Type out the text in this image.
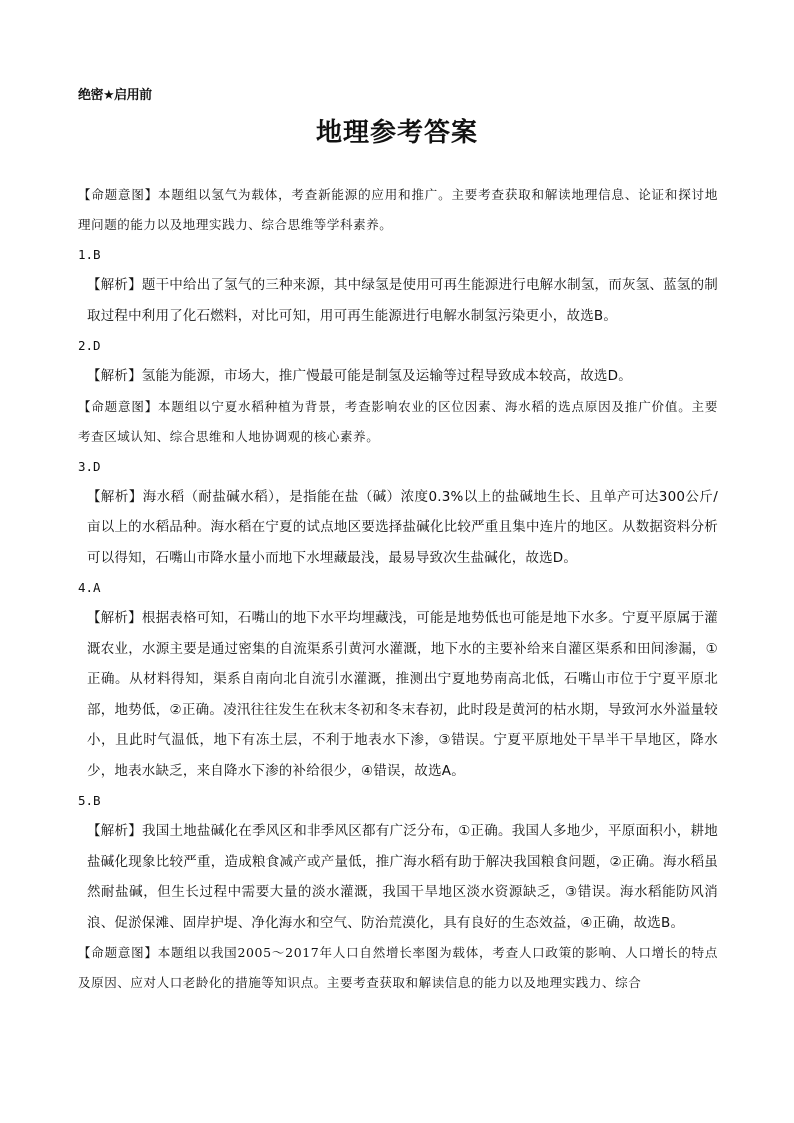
绝密★启用前
地理参考答案

【命题意图】本题组以氢气为载体，考查新能源的应用和推广。主要考查获取和解读地理信息、论证和探讨地理问题的能力以及地理实践力、综合思维等学科素养。

1.B

【解析】题干中给出了氢气的三种来源，其中绿氢是使用可再生能源进行电解水制氢，而灰氢、蓝氢的制取过程中利用了化石燃料，对比可知，用可再生能源进行电解水制氢污染更小，故选B。

2.D

【解析】氢能为能源，市场大，推广慢最可能是制氢及运输等过程导致成本较高，故选D。

【命题意图】本题组以宁夏水稻种植为背景，考查影响农业的区位因素、海水稻的选点原因及推广价值。主要考查区域认知、综合思维和人地协调观的核心素养。

3.D

【解析】海水稻（耐盐碱水稻），是指能在盐（碱）浓度0.3%以上的盐碱地生长、且单产可达300公斤/亩以上的水稻品种。海水稻在宁夏的试点地区要选择盐碱化比较严重且集中连片的地区。从数据资料分析可以得知，石嘴山市降水量小而地下水埋藏最浅，最易导致次生盐碱化，故选D。

4.A

【解析】根据表格可知，石嘴山的地下水平均埋藏浅，可能是地势低也可能是地下水多。宁夏平原属于灌溉农业，水源主要是通过密集的自流渠系引黄河水灌溉，地下水的主要补给来自灌区渠系和田间渗漏，①正确。从材料得知，渠系自南向北自流引水灌溉，推测出宁夏地势南高北低，石嘴山市位于宁夏平原北部，地势低，②正确。凌汛往往发生在秋末冬初和冬末春初，此时段是黄河的枯水期，导致河水外溢量较小，且此时气温低，地下有冻土层，不利于地表水下渗，③错误。宁夏平原地处干旱半干旱地区，降水少，地表水缺乏，来自降水下渗的补给很少，④错误，故选A。

5.B

【解析】我国土地盐碱化在季风区和非季风区都有广泛分布，①正确。我国人多地少，平原面积小，耕地盐碱化现象比较严重，造成粮食减产或产量低，推广海水稻有助于解决我国粮食问题，②正确。海水稻虽然耐盐碱，但生长过程中需要大量的淡水灌溉，我国干旱地区淡水资源缺乏，③错误。海水稻能防风消浪、促淤保滩、固岸护堤、净化海水和空气、防治荒漠化，具有良好的生态效益，④正确，故选B。

【命题意图】本题组以我国2005～2017年人口自然增长率图为载体，考查人口政策的影响、人口增长的特点及原因、应对人口老龄化的措施等知识点。主要考查获取和解读信息的能力以及地理实践力、综合
